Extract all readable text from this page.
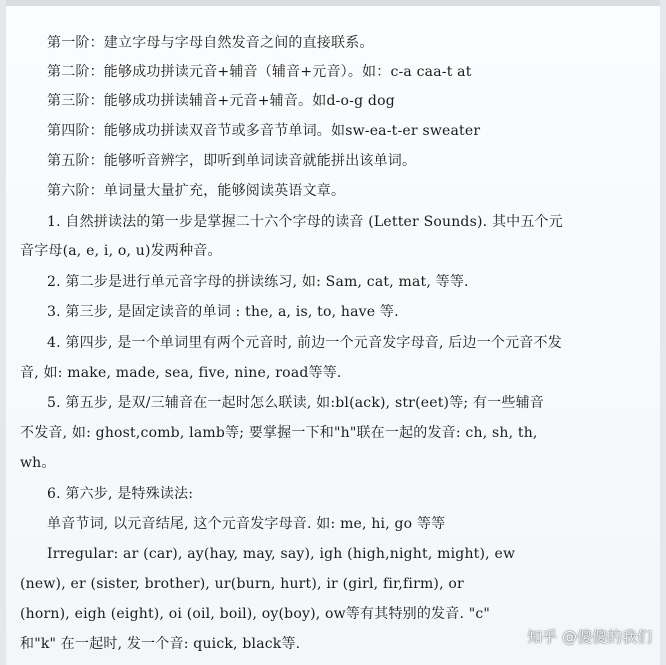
第一阶：建立字母与字母自然发音之间的直接联系。
第二阶：能够成功拼读元音+辅音（辅音+元音）。如：c-a caa-t at
第三阶：能够成功拼读辅音+元音+辅音。如d-o-g dog
第四阶：能够成功拼读双音节或多音节单词。如sw-ea-t-er sweater
第五阶：能够听音辨字，即听到单词读音就能拼出该单词。
第六阶：单词量大量扩充，能够阅读英语文章。
1. 自然拼读法的第一步是掌握二十六个字母的读音 (Letter Sounds). 其中五个元
音字母(a, e, i, o, u)发两种音。
2. 第二步是进行单元音字母的拼读练习, 如: Sam, cat, mat, 等等.
3. 第三步, 是固定读音的单词 : the, a, is, to, have 等.
4. 第四步, 是一个单词里有两个元音时, 前边一个元音发字母音, 后边一个元音不发
音, 如: make, made, sea, five, nine, road等等.
5. 第五步, 是双/三辅音在一起时怎么联读, 如:bl(ack), str(eet)等; 有一些辅音
不发音, 如: ghost,comb, lamb等; 要掌握一下和"h"联在一起的发音: ch, sh, th,
wh。
6. 第六步, 是特殊读法:
单音节词, 以元音结尾, 这个元音发字母音. 如: me, hi, go 等等
Irregular: ar (car), ay(hay, may, say), igh (high,night, might), ew
(new), er (sister, brother), ur(burn, hurt), ir (girl, fir,firm), or
(horn), eigh (eight), oi (oil, boil), oy(boy), ow等有其特别的发音. "c"
和"k" 在一起时, 发一个音: quick, black等.	知乎 @傻傻的我们
